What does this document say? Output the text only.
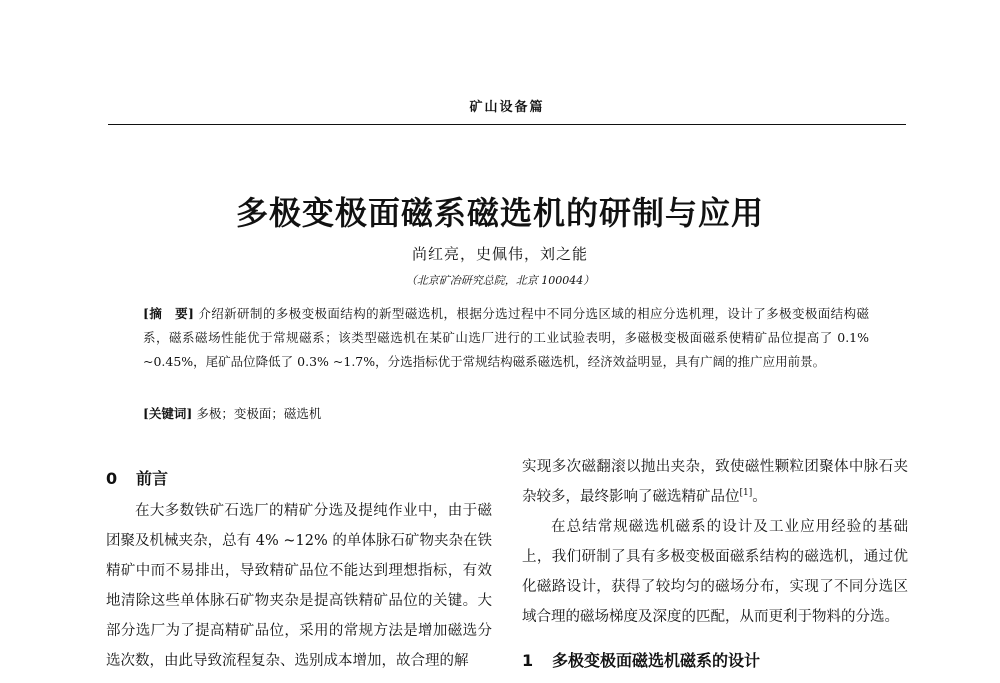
矿山设备篇
多极变极面磁系磁选机的研制与应用
尚红亮，史佩伟，刘之能
（北京矿冶研究总院，北京 100044）
[摘　要] 介绍新研制的多极变极面结构的新型磁选机，根据分选过程中不同分选区域的相应分选机理，设计了多极变极面结构磁系，磁系磁场性能优于常规磁系；该类型磁选机在某矿山选厂进行的工业试验表明，多磁极变极面磁系使精矿品位提高了 0.1% ~0.45%，尾矿品位降低了 0.3% ~1.7%，分选指标优于常规结构磁系磁选机，经济效益明显，具有广阔的推广应用前景。
[关键词] 多极；变极面；磁选机
0 前言

在大多数铁矿石选厂的精矿分选及提纯作业中，由于磁团聚及机械夹杂，总有 4% ~12% 的单体脉石矿物夹杂在铁精矿中而不易排出，导致精矿品位不能达到理想指标，有效地清除这些单体脉石矿物夹杂是提高铁精矿品位的关键。大部分选厂为了提高精矿品位，采用的常规方法是增加磁选分选次数，由此导致流程复杂、选别成本增加，故合理的解

实现多次磁翻滚以抛出夹杂，致使磁性颗粒团聚体中脉石夹杂较多，最终影响了磁选精矿品位[1]。

在总结常规磁选机磁系的设计及工业应用经验的基础上，我们研制了具有多极变极面磁系结构的磁选机，通过优化磁路设计，获得了较均匀的磁场分布，实现了不同分选区域合理的磁场梯度及深度的匹配，从而更利于物料的分选。

1 多极变极面磁选机磁系的设计
